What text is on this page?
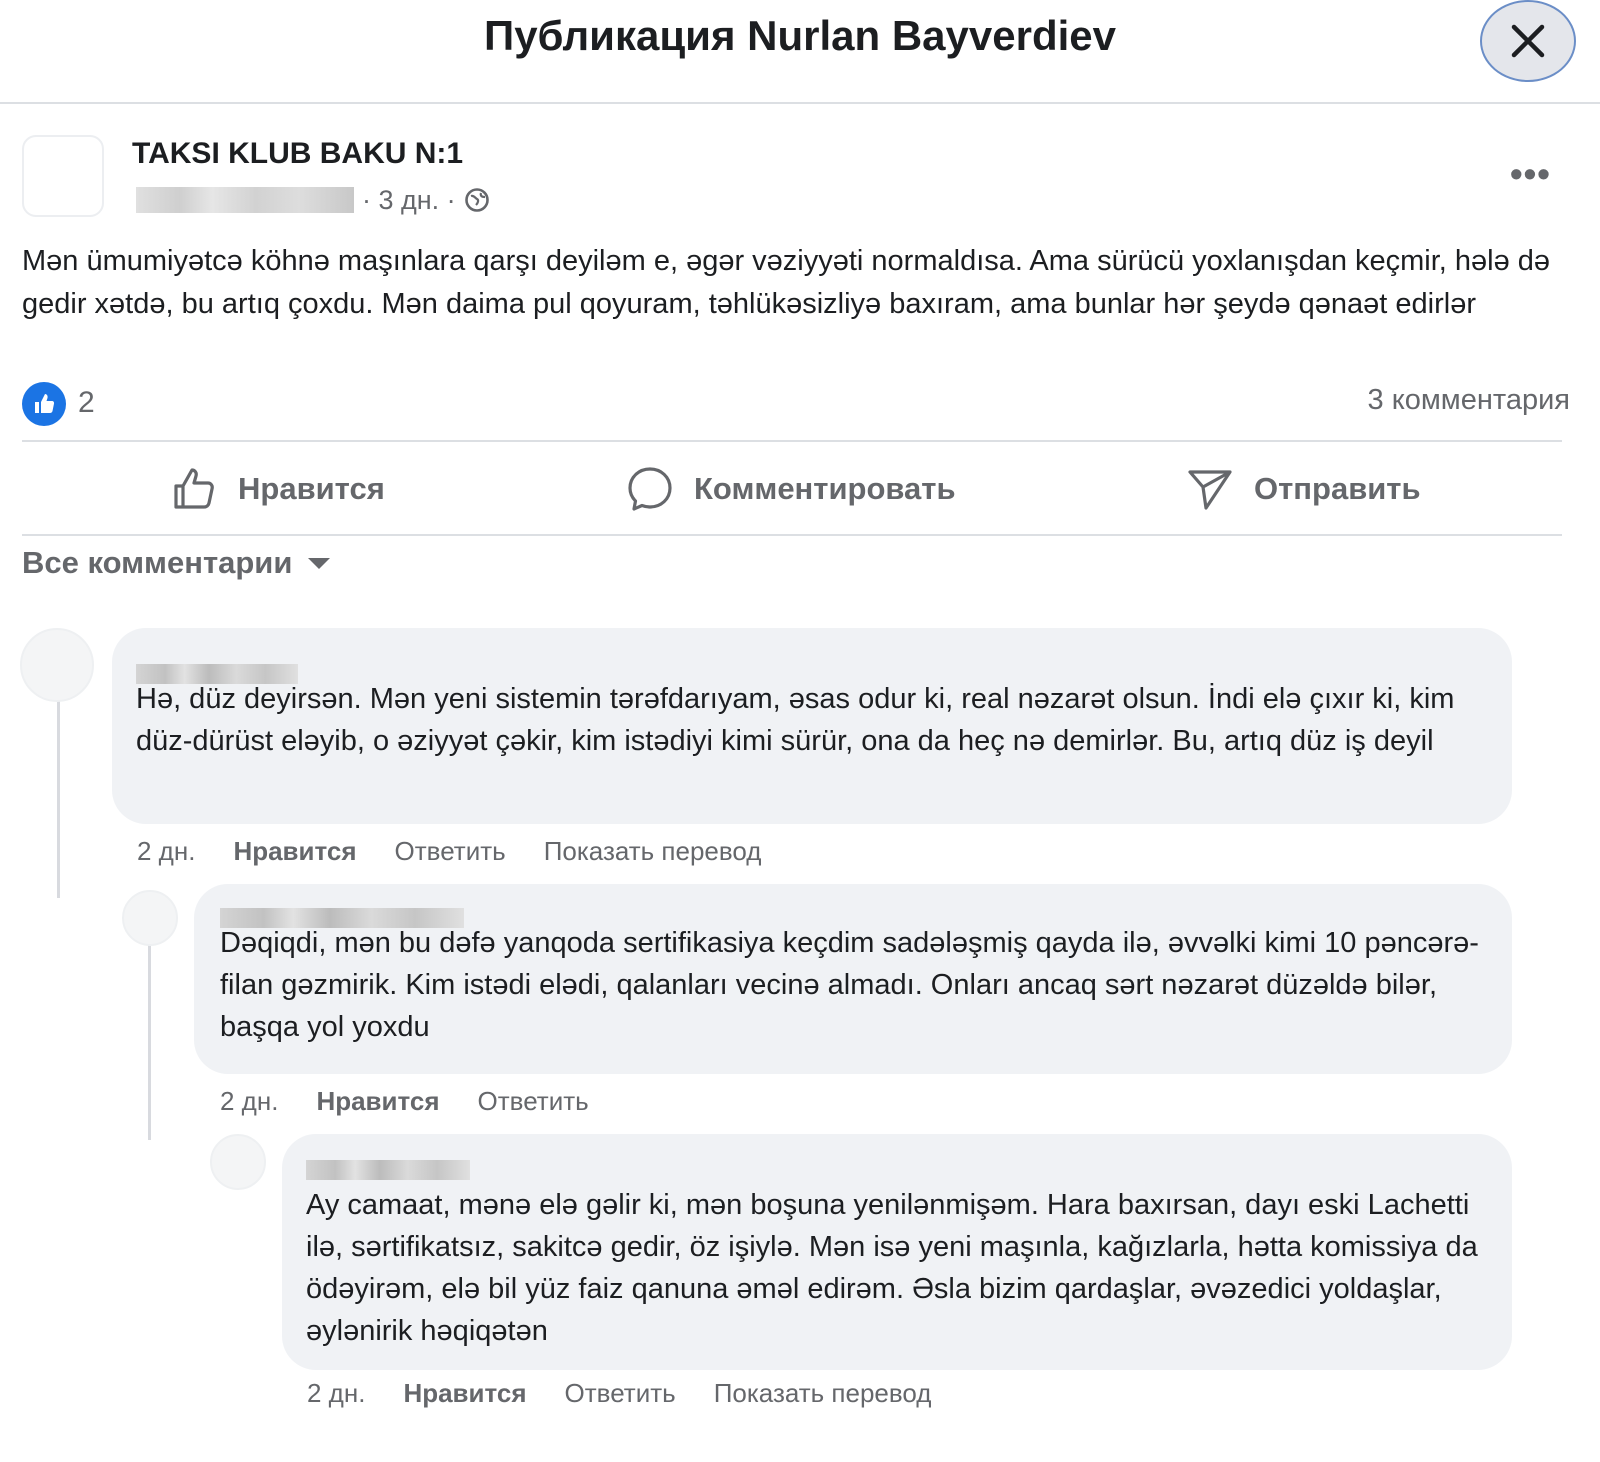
Публикация Nurlan Bayverdiev
TAKSI KLUB BAKU N:1
· 3 дн. ·
•••
Mən ümumiyətcə köhnə maşınlara qarşı deyiləm e, əgər vəziyyəti normaldısa. Ama sürücü yoxlanışdan keçmir, hələ də gedir xətdə, bu artıq çoxdu. Mən daima pul qoyuram, təhlükəsizliyə baxıram, ama bunlar hər şeydə qənaət edirlər
2	3 комментария
Нравится	Комментировать	Отправить
Все комментарии
Hə, düz deyirsən. Mən yeni sistemin tərəfdarıyam, əsas odur ki, real nəzarət olsun. İndi elə çıxır ki, kim düz-dürüst eləyib, o əziyyət çəkir, kim istədiyi kimi sürür, ona da heç nə demirlər. Bu, artıq düz iş deyil
2 дн. Нравится Ответить Показать перевод
Dəqiqdi, mən bu dəfə yanqoda sertifikasiya keçdim sadələşmiş qayda ilə, əvvəlki kimi 10 pəncərə-filan gəzmirik. Kim istədi elədi, qalanları vecinə almadı. Onları ancaq sərt nəzarət düzəldə bilər, başqa yol yoxdu
2 дн. Нравится Ответить
Ay camaat, mənə elə gəlir ki, mən boşuna yenilənmişəm. Hara baxırsan, dayı eski Lachetti ilə, sərtifikatsız, sakitcə gedir, öz işiylə. Mən isə yeni maşınla, kağızlarla, hətta komissiya da ödəyirəm, elə bil yüz faiz qanuna əməl edirəm. Əsla bizim qardaşlar, əvəzedici yoldaşlar, əylənirik həqiqətən
2 дн. Нравится Ответить Показать перевод
